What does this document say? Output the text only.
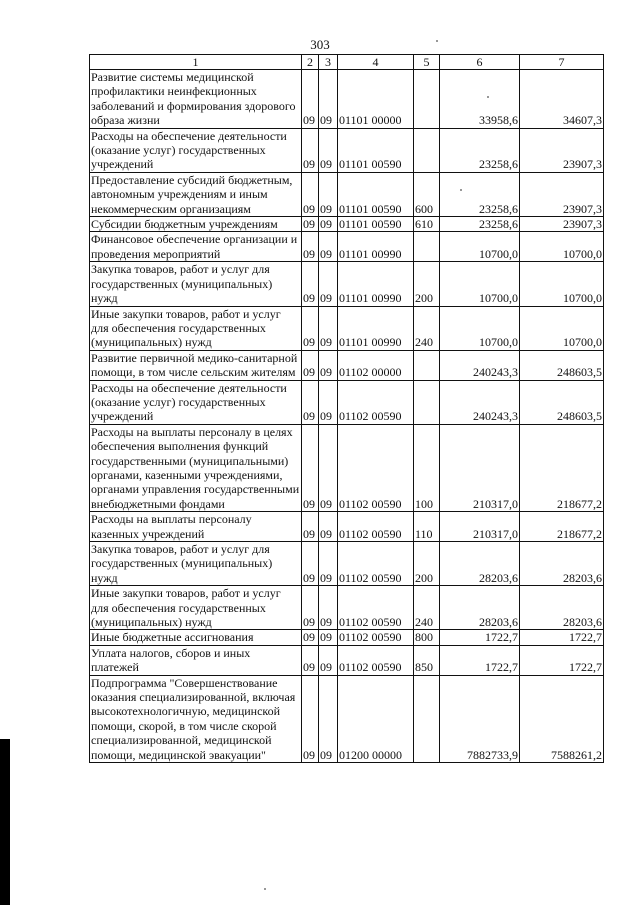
303
1	2	3	4	5	6	7
Развитие системы медицинской профилактики неинфекционных заболеваний и формирования здорового образа жизни	09	09	01101 00000		33958,6	34607,3
Расходы на обеспечение деятельности (оказание услуг) государственных учреждений	09	09	01101 00590		23258,6	23907,3
Предоставление субсидий бюджетным, автономным учреждениям и иным некоммерческим организациям	09	09	01101 00590	600	23258,6	23907,3
Субсидии бюджетным учреждениям	09	09	01101 00590	610	23258,6	23907,3
Финансовое обеспечение организации и проведения мероприятий	09	09	01101 00990		10700,0	10700,0
Закупка товаров, работ и услуг для государственных (муниципальных) нужд	09	09	01101 00990	200	10700,0	10700,0
Иные закупки товаров, работ и услуг для обеспечения государственных (муниципальных) нужд	09	09	01101 00990	240	10700,0	10700,0
Развитие первичной медико-санитарной помощи, в том числе сельским жителям	09	09	01102 00000		240243,3	248603,5
Расходы на обеспечение деятельности (оказание услуг) государственных учреждений	09	09	01102 00590		240243,3	248603,5
Расходы на выплаты персоналу в целях обеспечения выполнения функций государственными (муниципальными) органами, казенными учреждениями, органами управления государственными внебюджетными фондами	09	09	01102 00590	100	210317,0	218677,2
Расходы на выплаты персоналу казенных учреждений	09	09	01102 00590	110	210317,0	218677,2
Закупка товаров, работ и услуг для государственных (муниципальных) нужд	09	09	01102 00590	200	28203,6	28203,6
Иные закупки товаров, работ и услуг для обеспечения государственных (муниципальных) нужд	09	09	01102 00590	240	28203,6	28203,6
Иные бюджетные ассигнования	09	09	01102 00590	800	1722,7	1722,7
Уплата налогов, сборов и иных платежей	09	09	01102 00590	850	1722,7	1722,7
Подпрограмма "Совершенствование оказания специализированной, включая высокотехнологичную, медицинской помощи, скорой, в том числе скорой специализированной, медицинской помощи, медицинской эвакуации"	09	09	01200 00000		7882733,9	7588261,2
